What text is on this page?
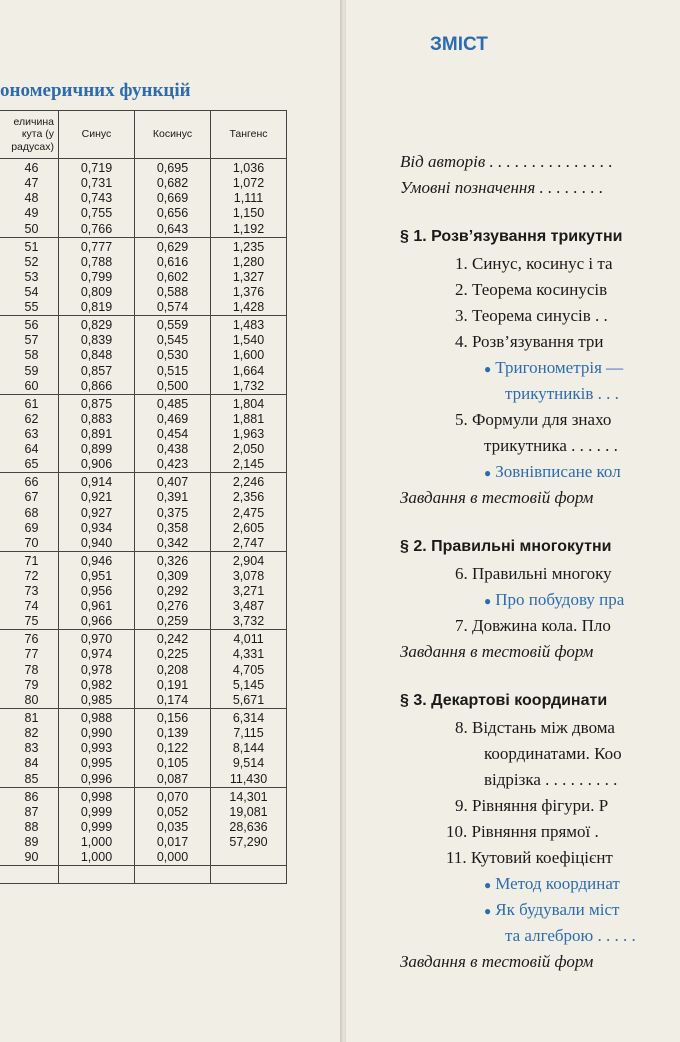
ономеричних функцій
еличина
кута (у
радусах)	Синус	Косинус	Тангенс
46	0,719	0,695	1,036
47	0,731	0,682	1,072
48	0,743	0,669	1,111
49	0,755	0,656	1,150
50	0,766	0,643	1,192
51	0,777	0,629	1,235
52	0,788	0,616	1,280
53	0,799	0,602	1,327
54	0,809	0,588	1,376
55	0,819	0,574	1,428
56	0,829	0,559	1,483
57	0,839	0,545	1,540
58	0,848	0,530	1,600
59	0,857	0,515	1,664
60	0,866	0,500	1,732
61	0,875	0,485	1,804
62	0,883	0,469	1,881
63	0,891	0,454	1,963
64	0,899	0,438	2,050
65	0,906	0,423	2,145
66	0,914	0,407	2,246
67	0,921	0,391	2,356
68	0,927	0,375	2,475
69	0,934	0,358	2,605
70	0,940	0,342	2,747
71	0,946	0,326	2,904
72	0,951	0,309	3,078
73	0,956	0,292	3,271
74	0,961	0,276	3,487
75	0,966	0,259	3,732
76	0,970	0,242	4,011
77	0,974	0,225	4,331
78	0,978	0,208	4,705
79	0,982	0,191	5,145
80	0,985	0,174	5,671
81	0,988	0,156	6,314
82	0,990	0,139	7,115
83	0,993	0,122	8,144
84	0,995	0,105	9,514
85	0,996	0,087	11,430
86	0,998	0,070	14,301
87	0,999	0,052	19,081
88	0,999	0,035	28,636
89	1,000	0,017	57,290
90	1,000	0,000	

ЗМІСТ
Від авторів . . . . . . . . . . . . . . .
Умовні позначення . . . . . . . .
§ 1. Розв’язування трикутни
1. Синус, косинус і та
2. Теорема косинусів
3. Теорема синусів . .
4. Розв’язування три
● Тригонометрія —
трикутників . . .
5. Формули для знахо
трикутника . . . . . .
● Зовнівписане кол
Завдання в тестовій форм
§ 2. Правильні многокутни
6. Правильні многоку
● Про побудову пра
7. Довжина кола. Пло
Завдання в тестовій форм
§ 3. Декартові координати
8. Відстань між двома
координатами. Коо
відрізка . . . . . . . . .
9. Рівняння фігури. Р
10. Рівняння прямої .
11. Кутовий коефіцієнт
● Метод координат
● Як будували міст
та алгеброю . . . . .
Завдання в тестовій форм
